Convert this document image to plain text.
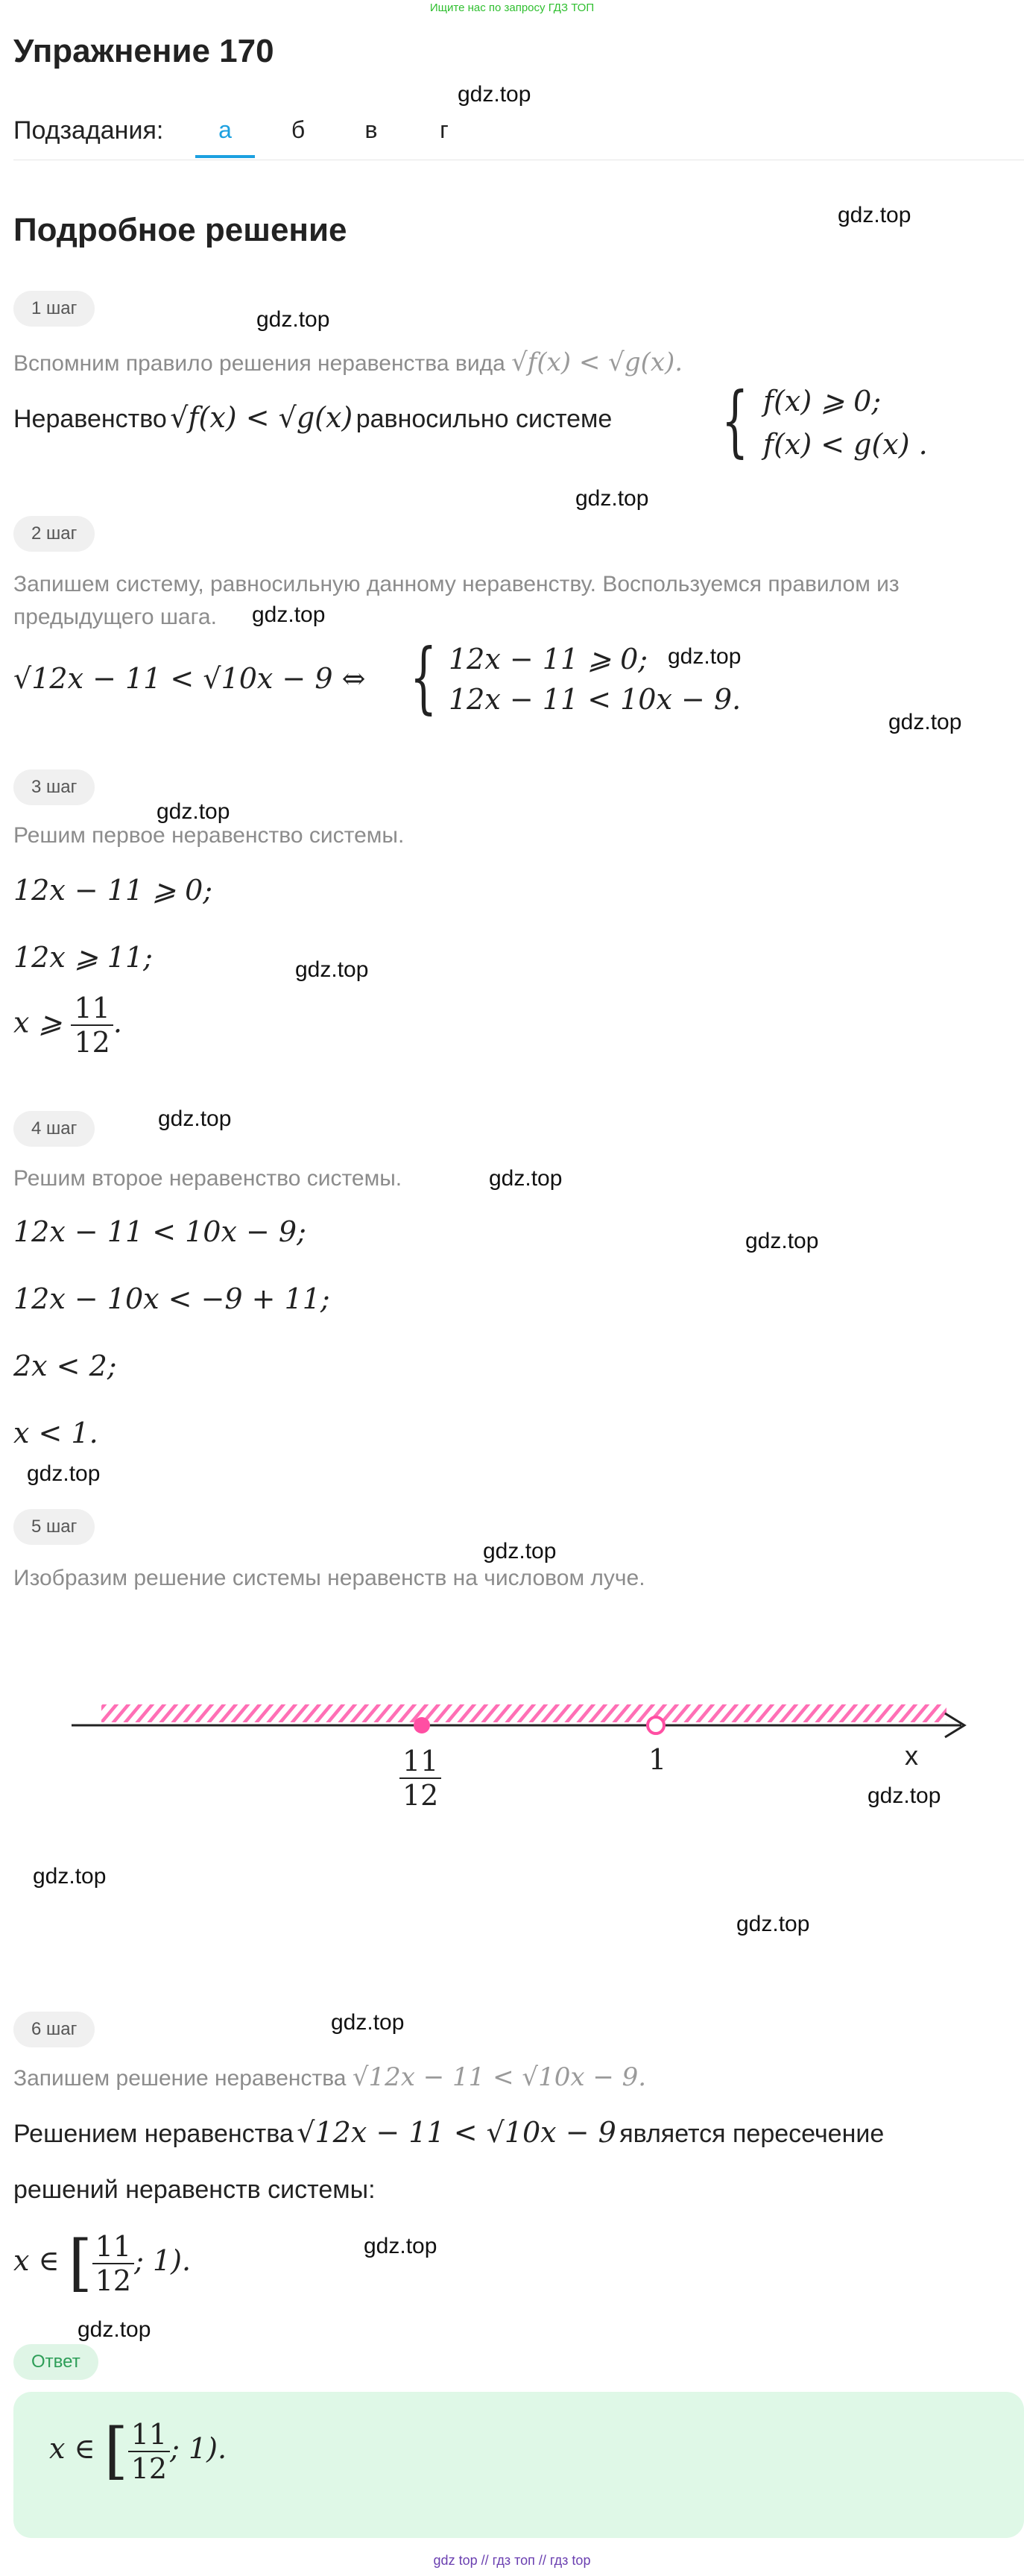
Ищите нас по запросу ГДЗ ТОП
Упражнение 170
Подзадания:	а	б	в	г
Подробное решение
gdz.top
gdz.top
gdz.top
gdz.top
gdz.top
gdz.top
gdz.top
gdz.top
gdz.top
gdz.top
gdz.top
gdz.top
gdz.top
gdz.top
gdz.top
gdz.top
gdz.top
gdz.top
gdz.top
gdz.top
1 шаг
Вспомним правило решения неравенства вида √f(x) < √g(x).
Неравенство √f(x) < √g(x) равносильно системе { f(x) ⩾ 0;
f(x) < g(x) .
2 шаг
Запишем систему, равносильную данному неравенству. Воспользуемся правилом из предыдущего шага.
√12x − 11 < √10x − 9 ⇔ { 12x − 11 ⩾ 0;
12x − 11 < 10x − 9.
3 шаг
Решим первое неравенство системы.
12x − 11 ⩾ 0;
12x ⩾ 11;
x ⩾ $\frac{11}{12}$ .
4 шаг
Решим второе неравенство системы.
12x − 11 < 10x − 9;
12x − 10x < −9 + 11;
2x < 2;
x < 1.
5 шаг
Изобразим решение системы неравенств на числовом луче.
$\frac{11}{12}$	1	x
6 шаг
Запишем решение неравенства √12x − 11 < √10x − 9.
Решением неравенства √12x − 11 < √10x − 9 является пересечение
решений неравенств системы:
x ∈ [ $\frac{11}{12}$ ; 1).
Ответ
x ∈ [ $\frac{11}{12}$ ; 1).
gdz top // гдз топ // гдз top
